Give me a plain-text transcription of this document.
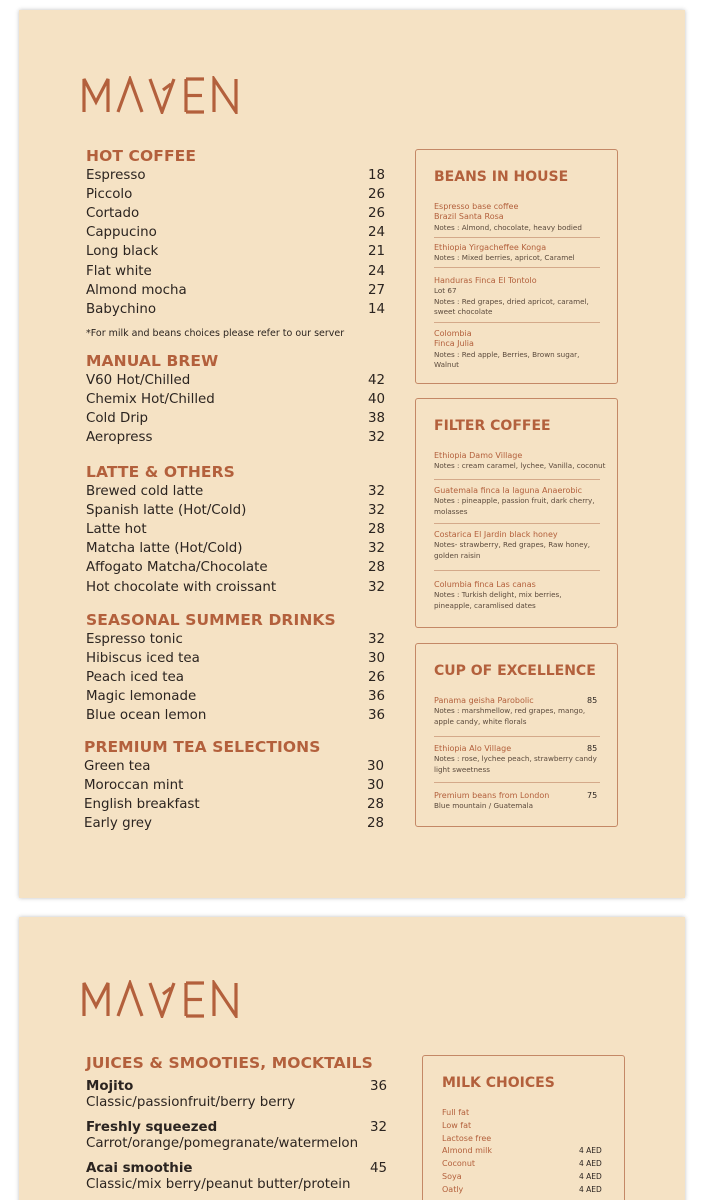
HOT COFFEE
Espresso	18
Piccolo	26
Cortado	26
Cappucino	24
Long black	21
Flat white	24
Almond mocha	27
Babychino	14
*For milk and beans choices please refer to our server
MANUAL BREW
V60 Hot/Chilled	42
Chemix Hot/Chilled	40
Cold Drip	38
Aeropress	32
LATTE & OTHERS
Brewed cold latte	32
Spanish latte (Hot/Cold)	32
Latte hot	28
Matcha latte (Hot/Cold)	32
Affogato Matcha/Chocolate	28
Hot chocolate with croissant	32
SEASONAL SUMMER DRINKS
Espresso tonic	32
Hibiscus iced tea	30
Peach iced tea	26
Magic lemonade	36
Blue ocean lemon	36
PREMIUM TEA SELECTIONS
Green tea	30
Moroccan mint	30
English breakfast	28
Early grey	28
BEANS IN HOUSE
Espresso base coffee
Brazil Santa Rosa
Notes : Almond, chocolate, heavy bodied
Ethiopia Yirgacheffee Konga
Notes : Mixed berries, apricot, Caramel
Handuras Finca El Tontolo
Lot 67
Notes : Red grapes, dried apricot, caramel,
sweet chocolate
Colombia
Finca Julia
Notes : Red apple, Berries, Brown sugar,
Walnut
FILTER COFFEE
Ethiopia Damo Village
Notes : cream caramel, lychee, Vanilla, coconut
Guatemala finca la laguna Anaerobic
Notes : pineapple, passion fruit, dark cherry,
molasses
Costarica El Jardin black honey
Notes- strawberry, Red grapes, Raw honey,
golden raisin
Columbia finca Las canas
Notes : Turkish delight, mix berries,
pineapple, caramlised dates
CUP OF EXCELLENCE
Panama geisha Parobolic	85
Notes : marshmellow, red grapes, mango,
apple candy, white florals
Ethiopia Alo Village	85
Notes : rose, lychee peach, strawberry candy
light sweetness
Premium beans from London	75
Blue mountain / Guatemala
JUICES & SMOOTIES, MOCKTAILS
Mojito	36
Classic/passionfruit/berry berry
Freshly squeezed	32
Carrot/orange/pomegranate/watermelon
Acai smoothie	45
Classic/mix berry/peanut butter/protein
MILK CHOICES
Full fat
Low fat
Lactose free
Almond milk	4 AED
Coconut	4 AED
Soya	4 AED
Oatly	4 AED
